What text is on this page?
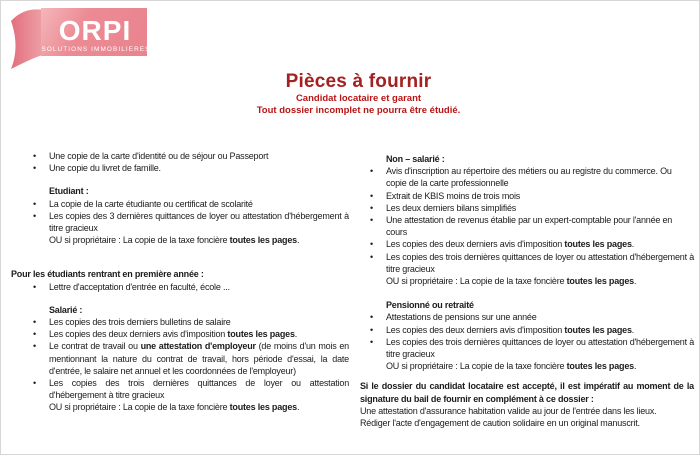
ORPI
SOLUTIONS IMMOBILIERES
Pièces à fournir
Candidat locataire et garant
Tout dossier incomplet ne pourra être étudié.
•	Une copie de la carte d'identité ou de séjour ou Passeport
•	Une copie du livret de famille.
Etudiant :
•	La copie de la carte étudiante ou certificat de scolarité
•	Les copies des 3 dernières quittances de loyer ou attestation d'hébergement à titre gracieux
OU si propriétaire : La copie de la taxe foncière toutes les pages.
Pour les étudiants rentrant en première année :
•	Lettre d'acceptation d'entrée en faculté, école ...
Salarié :
•	Les copies des trois derniers bulletins de salaire
•	Les copies des deux derniers avis d'imposition toutes les pages.
•	Le contrat de travail ou une attestation d'employeur (de moins d'un mois en mentionnant la nature du contrat de travail, hors période d'essai, la date d'entrée, le salaire net annuel et les coordonnées de l'employeur)
•	Les copies des trois dernières quittances de loyer ou attestation d'hébergement à titre gracieux
OU si propriétaire : La copie de la taxe foncière toutes les pages.
Non – salarié :
•	Avis d'inscription au répertoire des métiers ou au registre du commerce. Ou copie de la carte professionnelle
•	Extrait de KBIS moins de trois mois
•	Les deux derniers bilans simplifiés
•	Une attestation de revenus établie par un expert-comptable pour l'année en cours
•	Les copies des deux derniers avis d'imposition toutes les pages.
•	Les copies des trois dernières quittances de loyer ou attestation d'hébergement à titre gracieux
OU si propriétaire : La copie de la taxe foncière toutes les pages.
Pensionné ou retraité
•	Attestations de pensions sur une année
•	Les copies des deux derniers avis d'imposition toutes les pages.
•	Les copies des trois dernières quittances de loyer ou attestation d'hébergement à titre gracieux
OU si propriétaire : La copie de la taxe foncière toutes les pages.
Si le dossier du candidat locataire est accepté, il est impératif au moment de la signature du bail de fournir en complément à ce dossier :
Une attestation d'assurance habitation valide au jour de l'entrée dans les lieux.
Rédiger l'acte d'engagement de caution solidaire en un original manuscrit.
